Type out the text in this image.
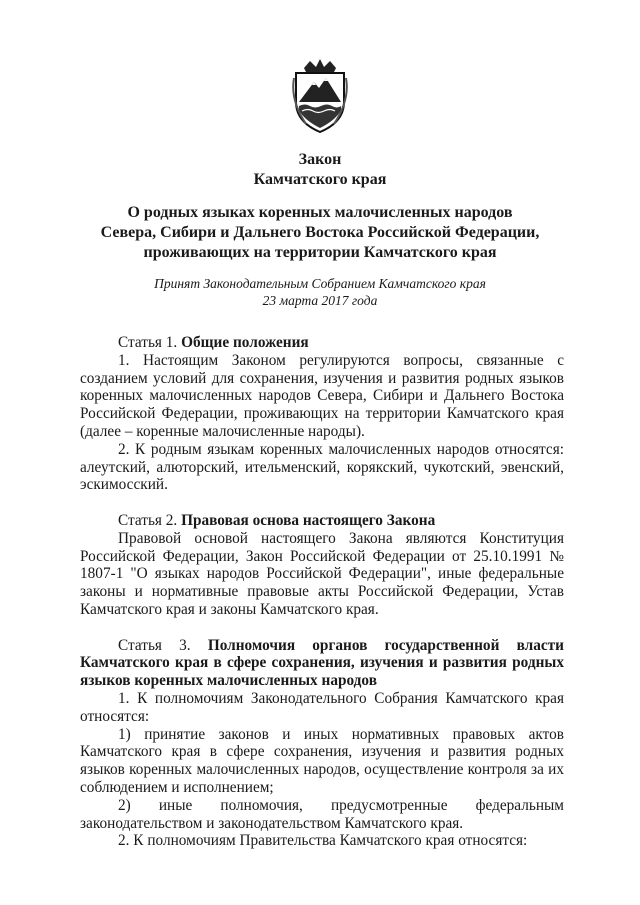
Закон
Камчатского края
О родных языках коренных малочисленных народов
Севера, Сибири и Дальнего Востока Российской Федерации,
проживающих на территории Камчатского края
Принят Законодательным Собранием Камчатского края
23 марта 2017 года

Статья 1. Общие положения

1. Настоящим Законом регулируются вопросы, связанные с созданием условий для сохранения, изучения и развития родных языков коренных малочисленных народов Севера, Сибири и Дальнего Востока Российской Федерации, проживающих на территории Камчатского края (далее – коренные малочисленные народы).

2. К родным языкам коренных малочисленных народов относятся: алеутский, алюторский, ительменский, корякский, чукотский, эвенский, эскимосский.

Статья 2. Правовая основа настоящего Закона

Правовой основой настоящего Закона являются Конституция Российской Федерации, Закон Российской Федерации от 25.10.1991 № 1807-1 "О языках народов Российской Федерации", иные федеральные законы и нормативные правовые акты Российской Федерации, Устав Камчатского края и законы Камчатского края.

Статья 3. Полномочия органов государственной власти Камчатского края в сфере сохранения, изучения и развития родных языков коренных малочисленных народов

1. К полномочиям Законодательного Собрания Камчатского края относятся:

1) принятие законов и иных нормативных правовых актов Камчатского края в сфере сохранения, изучения и развития родных языков коренных малочисленных народов, осуществление контроля за их соблюдением и исполнением;

2) иные полномочия, предусмотренные федеральным законодательством и законодательством Камчатского края.

2. К полномочиям Правительства Камчатского края относятся:
